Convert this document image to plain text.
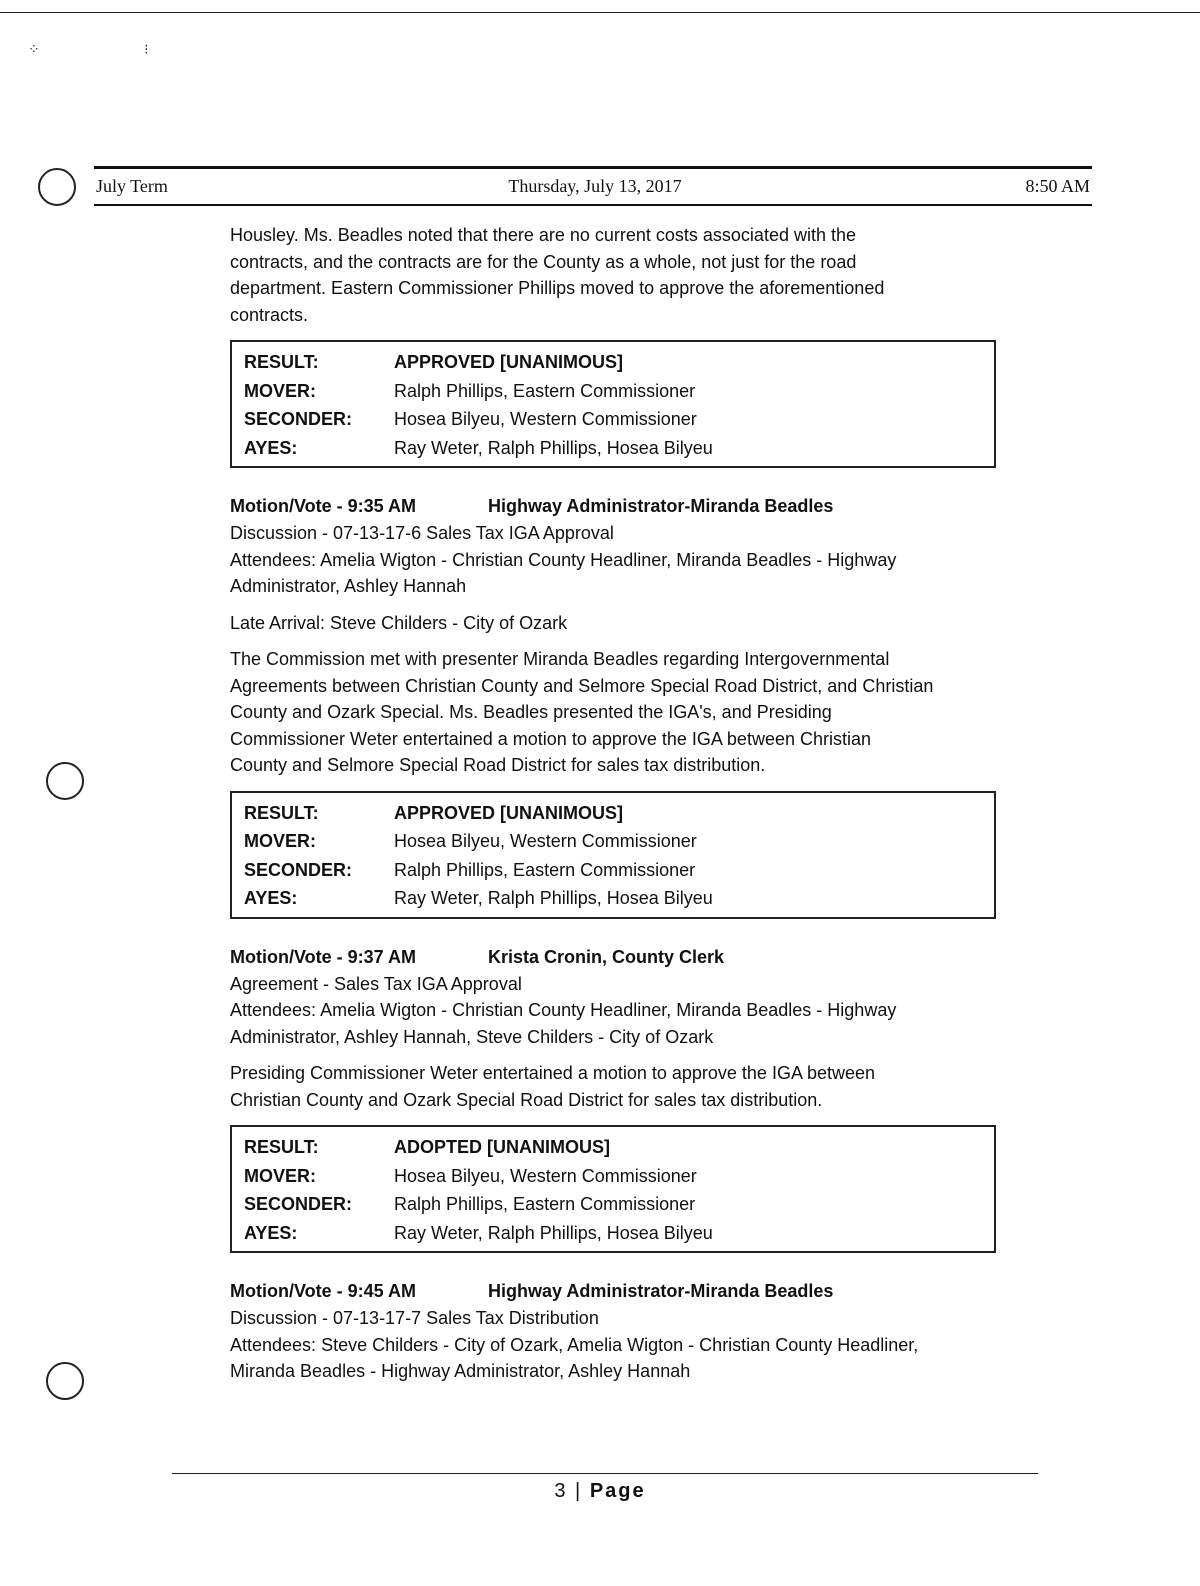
⁘ ⁝
July Term	Thursday, July 13, 2017	8:50 AM

Housley. Ms. Beadles noted that there are no current costs associated with the

contracts, and the contracts are for the County as a whole, not just for the road

department. Eastern Commissioner Phillips moved to approve the aforementioned

contracts.

RESULT:	APPROVED [UNANIMOUS]
MOVER:	Ralph Phillips, Eastern Commissioner
SECONDER:	Hosea Bilyeu, Western Commissioner
AYES:	Ray Weter, Ralph Phillips, Hosea Bilyeu
Motion/Vote - 9:35 AM	Highway Administrator-Miranda Beadles

Discussion - 07-13-17-6 Sales Tax IGA Approval

Attendees: Amelia Wigton - Christian County Headliner, Miranda Beadles - Highway

Administrator, Ashley Hannah

Late Arrival: Steve Childers - City of Ozark

The Commission met with presenter Miranda Beadles regarding Intergovernmental

Agreements between Christian County and Selmore Special Road District, and Christian

County and Ozark Special. Ms. Beadles presented the IGA's, and Presiding

Commissioner Weter entertained a motion to approve the IGA between Christian

County and Selmore Special Road District for sales tax distribution.

RESULT:	APPROVED [UNANIMOUS]
MOVER:	Hosea Bilyeu, Western Commissioner
SECONDER:	Ralph Phillips, Eastern Commissioner
AYES:	Ray Weter, Ralph Phillips, Hosea Bilyeu
Motion/Vote - 9:37 AM	Krista Cronin, County Clerk

Agreement - Sales Tax IGA Approval

Attendees: Amelia Wigton - Christian County Headliner, Miranda Beadles - Highway

Administrator, Ashley Hannah, Steve Childers - City of Ozark

Presiding Commissioner Weter entertained a motion to approve the IGA between

Christian County and Ozark Special Road District for sales tax distribution.

RESULT:	ADOPTED [UNANIMOUS]
MOVER:	Hosea Bilyeu, Western Commissioner
SECONDER:	Ralph Phillips, Eastern Commissioner
AYES:	Ray Weter, Ralph Phillips, Hosea Bilyeu
Motion/Vote - 9:45 AM	Highway Administrator-Miranda Beadles

Discussion - 07-13-17-7 Sales Tax Distribution

Attendees: Steve Childers - City of Ozark, Amelia Wigton - Christian County Headliner,

Miranda Beadles - Highway Administrator, Ashley Hannah

3 | Page
